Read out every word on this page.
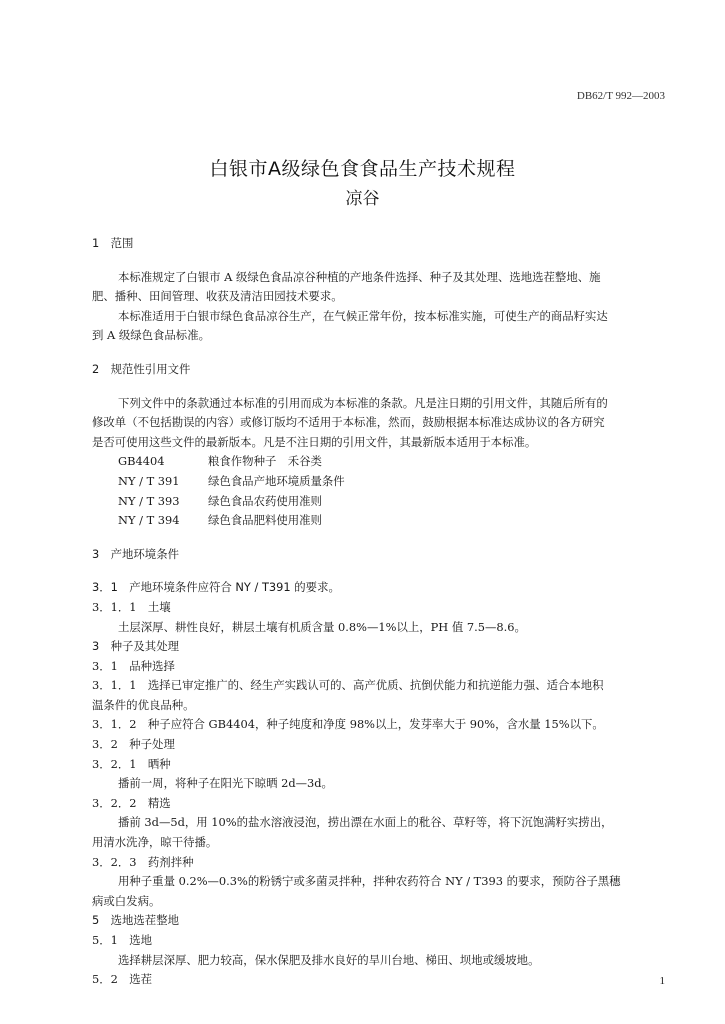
DB62/T 992—2003
白银市A级绿色食食品生产技术规程
凉谷
1　范围
本标准规定了白银市 A 级绿色食品凉谷种植的产地条件选择、种子及其处理、选地选茬整地、施
肥、播种、田间管理、收获及清洁田园技术要求。
本标准适用于白银市绿色食品凉谷生产，在气候正常年份，按本标准实施，可使生产的商品籽实达
到 A 级绿色食品标准。
2　规范性引用文件
下列文件中的条款通过本标准的引用而成为本标准的条款。凡是注日期的引用文件，其随后所有的
修改单（不包括勘误的内容）或修订版均不适用于本标准，然而，鼓励根据本标准达成协议的各方研究
是否可使用这些文件的最新版本。凡是不注日期的引用文件，其最新版本适用于本标准。
GB4404	粮食作物种子　禾谷类
NY / T 391	绿色食品产地环境质量条件
NY / T 393	绿色食品农药使用准则
NY / T 394	绿色食品肥料使用准则
3　产地环境条件
3．1　产地环境条件应符合 NY / T391 的要求。
3．1．1　土壤
土层深厚、耕性良好，耕层土壤有机质含量 0.8%—1%以上，PH 值 7.5—8.6。
3　种子及其处理
3．1　品种选择
3．1．1　选择已审定推广的、经生产实践认可的、高产优质、抗倒伏能力和抗逆能力强、适合本地积
温条件的优良品种。
3．1．2　种子应符合 GB4404，种子纯度和净度 98%以上，发芽率大于 90%，含水量 15%以下。
3．2　种子处理
3．2．1　晒种
播前一周，将种子在阳光下晾晒 2d—3d。
3．2．2　精选
播前 3d—5d，用 10%的盐水溶液浸泡，捞出漂在水面上的秕谷、草籽等，将下沉饱满籽实捞出，
用清水洗净，晾干待播。
3．2．3　药剂拌种
用种子重量 0.2%—0.3%的粉锈宁或多菌灵拌种，拌种农药符合 NY / T393 的要求，预防谷子黑穗
病或白发病。
5　选地选茬整地
5．1　选地
选择耕层深厚、肥力较高，保水保肥及排水良好的旱川台地、梯田、坝地或缓坡地。
5．2　选茬	1
